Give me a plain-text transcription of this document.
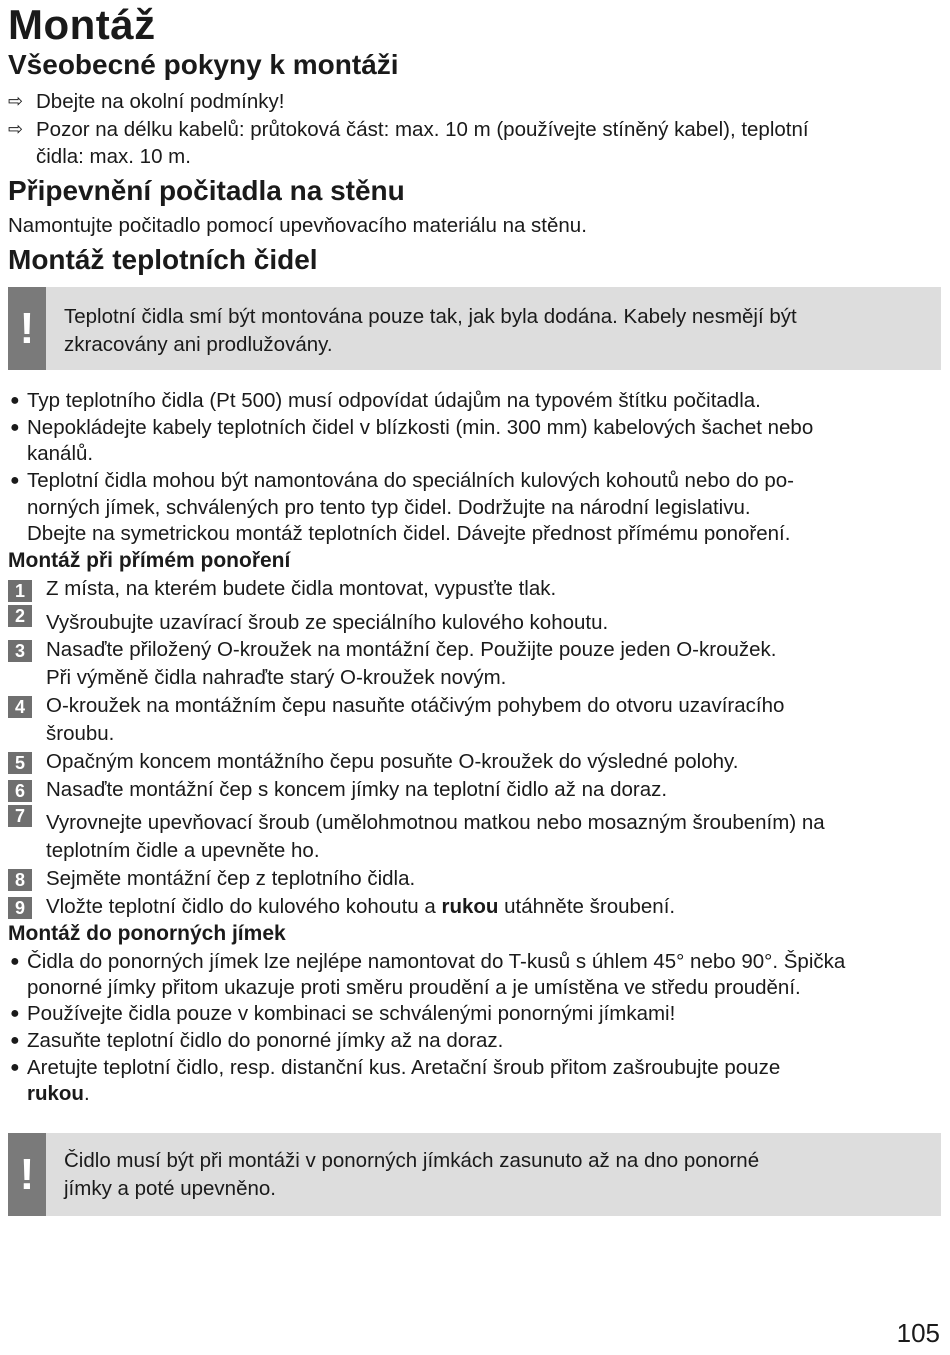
Montáž
Všeobecné pokyny k montáži
⇨ Dbejte na okolní podmínky!
⇨ Pozor na délku kabelů: průtoková část: max. 10 m (používejte stíněný kabel), teplotní
čidla: max. 10 m.
Připevnění počitadla na stěnu
Namontujte počitadlo pomocí upevňovacího materiálu na stěnu.
Montáž teplotních čidel
! Teplotní čidla smí být montována pouze tak, jak byla dodána. Kabely nesmějí být
zkracovány ani prodlužovány.
● Typ teplotního čidla (Pt 500) musí odpovídat údajům na typovém štítku počitadla.
● Nepokládejte kabely teplotních čidel v blízkosti (min. 300 mm) kabelových šachet nebo
kanálů.
● Teplotní čidla mohou být namontována do speciálních kulových kohoutů nebo do po-
norných jímek, schválených pro tento typ čidel. Dodržujte na národní legislativu.
Dbejte na symetrickou montáž teplotních čidel. Dávejte přednost přímému ponoření.
Montáž při přímém ponoření
1	Z místa, na kterém budete čidla montovat, vypusťte tlak.
2	Vyšroubujte uzavírací šroub ze speciálního kulového kohoutu.
3	Nasaďte přiložený O-kroužek na montážní čep. Použijte pouze jeden O-kroužek.
Při výměně čidla nahraďte starý O-kroužek novým.
4	O-kroužek na montážním čepu nasuňte otáčivým pohybem do otvoru uzavíracího
šroubu.
5	Opačným koncem montážního čepu posuňte O-kroužek do výsledné polohy.
6	Nasaďte montážní čep s koncem jímky na teplotní čidlo až na doraz.
7	Vyrovnejte upevňovací šroub (umělohmotnou matkou nebo mosazným šroubením) na
teplotním čidle a upevněte ho.
8	Sejměte montážní čep z teplotního čidla.
9	Vložte teplotní čidlo do kulového kohoutu a rukou utáhněte šroubení.
Montáž do ponorných jímek
● Čidla do ponorných jímek lze nejlépe namontovat do T-kusů s úhlem 45° nebo 90°. Špička
ponorné jímky přitom ukazuje proti směru proudění a je umístěna ve středu proudění.
● Používejte čidla pouze v kombinaci se schválenými ponornými jímkami!
● Zasuňte teplotní čidlo do ponorné jímky až na doraz.
● Aretujte teplotní čidlo, resp. distanční kus. Aretační šroub přitom zašroubujte pouze
rukou.
! Čidlo musí být při montáži v ponorných jímkách zasunuto až na dno ponorné
jímky a poté upevněno.
105
